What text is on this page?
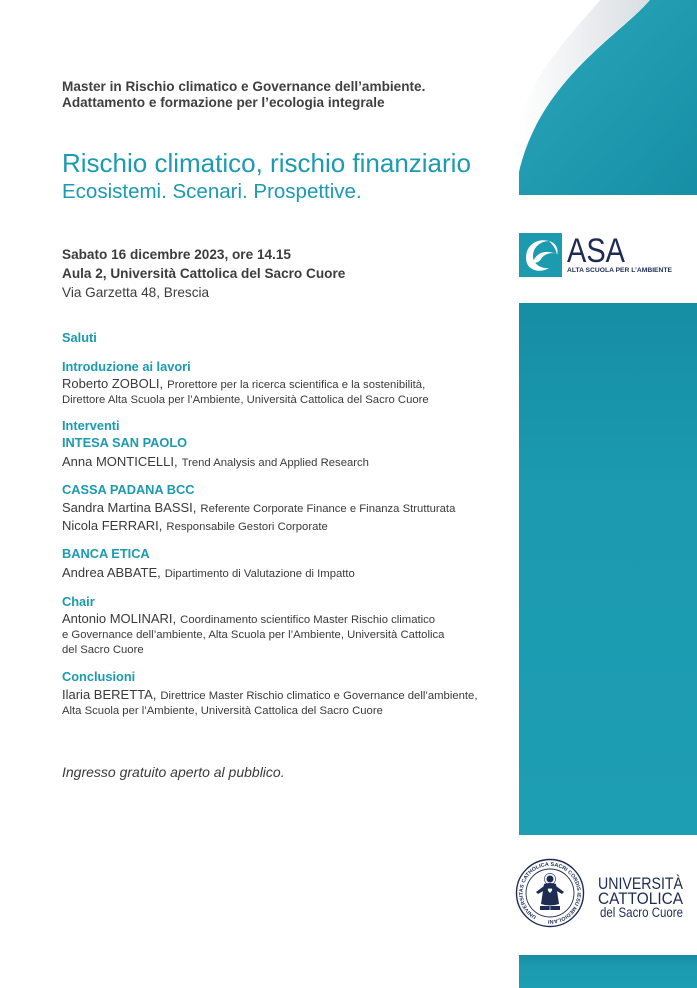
ASA
ALTA SCUOLA PER L’AMBIENTE
UNIVERSITAS CATHOLICA SACRI CORDIS IESU MEDIOLANI
UNIVERSITÀ
CATTOLICA
del Sacro Cuore
Master in Rischio climatico e Governance dell’ambiente.
Adattamento e formazione per l’ecologia integrale
Rischio climatico, rischio finanziario
Ecosistemi. Scenari. Prospettive.
Sabato 16 dicembre 2023, ore 14.15
Aula 2, Università Cattolica del Sacro Cuore
Via Garzetta 48, Brescia
Saluti
Introduzione ai lavori
Roberto ZOBOLI, Prorettore per la ricerca scientifica e la sostenibilità,
Direttore Alta Scuola per l’Ambiente, Università Cattolica del Sacro Cuore
Interventi
INTESA SAN PAOLO
Anna MONTICELLI, Trend Analysis and Applied Research
CASSA PADANA BCC
Sandra Martina BASSI, Referente Corporate Finance e Finanza Strutturata
Nicola FERRARI, Responsabile Gestori Corporate
BANCA ETICA
Andrea ABBATE, Dipartimento di Valutazione di Impatto
Chair
Antonio MOLINARI, Coordinamento scientifico Master Rischio climatico
e Governance dell’ambiente, Alta Scuola per l’Ambiente, Università Cattolica
del Sacro Cuore
Conclusioni
Ilaria BERETTA, Direttrice Master Rischio climatico e Governance dell’ambiente,
Alta Scuola per l’Ambiente, Università Cattolica del Sacro Cuore
Ingresso gratuito aperto al pubblico.
